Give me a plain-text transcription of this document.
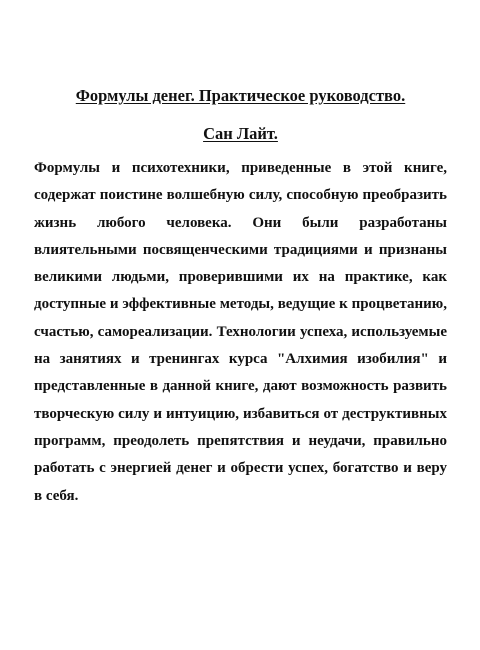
Формулы денег. Практическое руководство.
Сан Лайт.

Формулы и психотехники, приведенные в этой книге, содержат поистине волшебную силу, способную преобразить жизнь любого человека. Они были разработаны влиятельными посвященческими традициями и признаны великими людьми, проверившими их на практике, как доступные и эффективные методы, ведущие к процветанию, счастью, самореализации. Технологии успеха, используемые на занятиях и тренингах курса "Алхимия изобилия" и представленные в данной книге, дают возможность развить творческую силу и интуицию, избавиться от деструктивных программ, преодолеть препятствия и неудачи, правильно работать с энергией денег и обрести успех, богатство и веру в себя.
